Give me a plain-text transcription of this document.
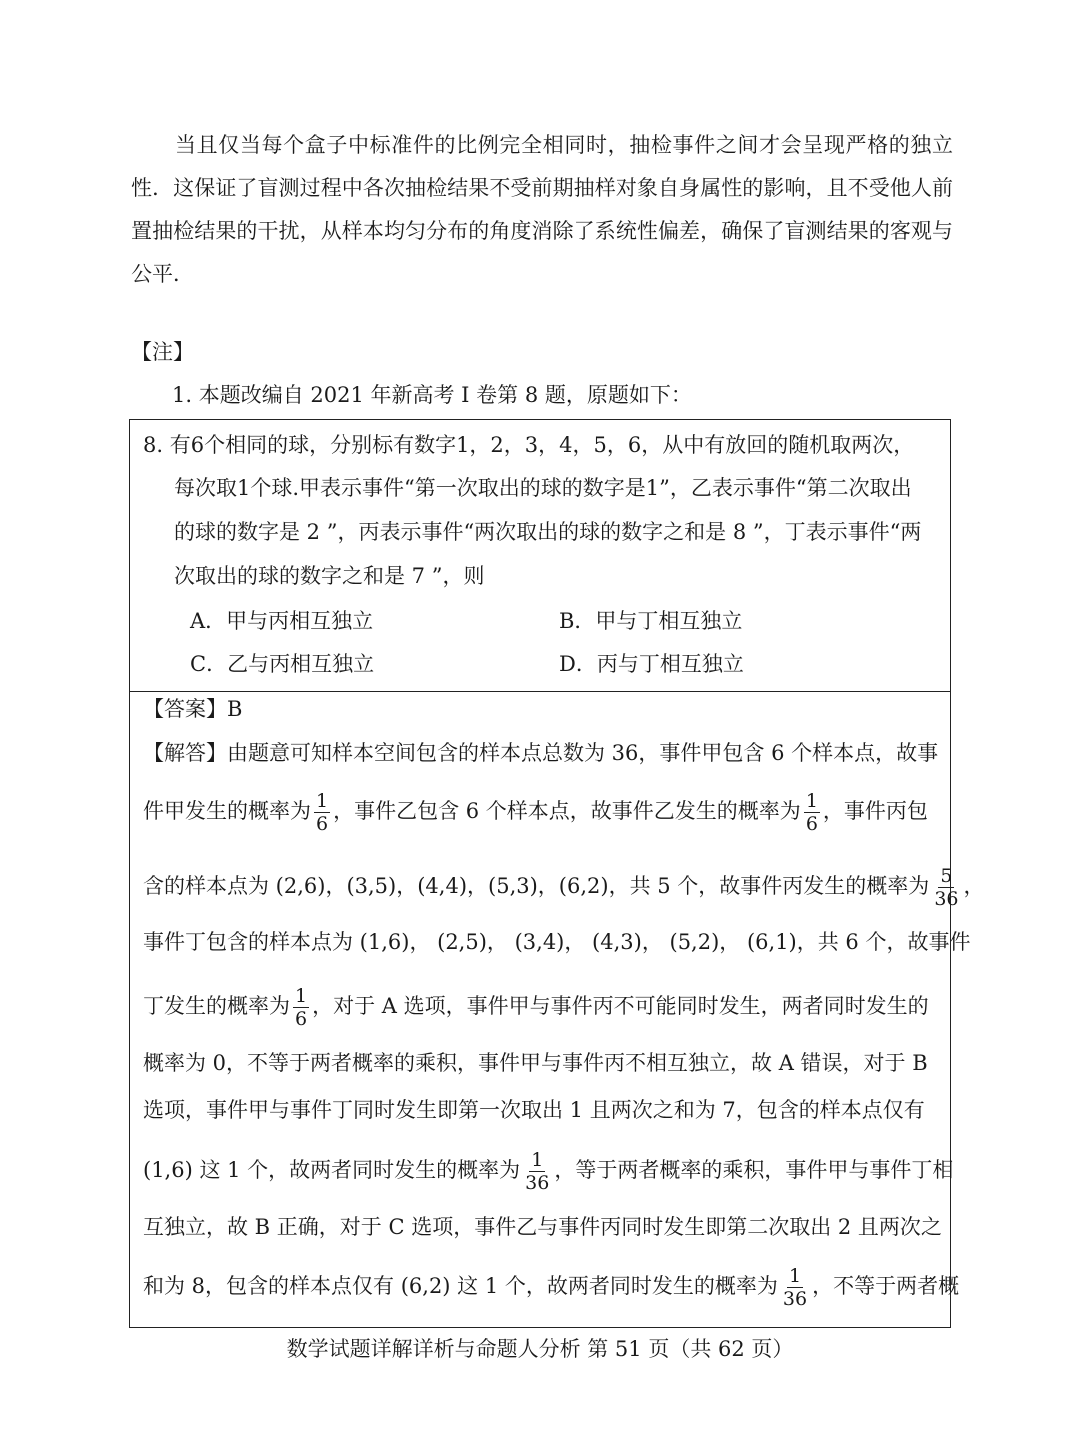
当且仅当每个盒子中标准件的比例完全相同时，抽检事件之间才会呈现严格的独立性．这保证了盲测过程中各次抽检结果不受前期抽样对象自身属性的影响，且不受他人前置抽检结果的干扰，从样本均匀分布的角度消除了系统性偏差，确保了盲测结果的客观与公平．
【注】
1. 本题改编自 2021 年新高考 I 卷第 8 题，原题如下：
8. 有6个相同的球，分别标有数字1，2，3，4，5，6，从中有放回的随机取两次，
每次取1个球.甲表示事件“第一次取出的球的数字是1”，乙表示事件“第二次取出
的球的数字是 2 ”，丙表示事件“两次取出的球的数字之和是 8 ”，丁表示事件“两
次取出的球的数字之和是 7 ”，则
A．甲与丙相互独立	B．甲与丁相互独立
C．乙与丙相互独立	D．丙与丁相互独立
【答案】B
【解答】由题意可知样本空间包含的样本点总数为 36，事件甲包含 6 个样本点，故事
件甲发生的概率为 $\frac{1}{6}$ ，事件乙包含 6 个样本点，故事件乙发生的概率为 $\frac{1}{6}$ ，事件丙包
含的样本点为 (2,6)，(3,5)，(4,4)，(5,3)，(6,2)，共 5 个，故事件丙发生的概率为 $\frac{5}{36}$ ，
事件丁包含的样本点为 (1,6)， (2,5)， (3,4)， (4,3)， (5,2)， (6,1)，共 6 个，故事件
丁发生的概率为 $\frac{1}{6}$ ，对于 A 选项，事件甲与事件丙不可能同时发生，两者同时发生的
概率为 0，不等于两者概率的乘积，事件甲与事件丙不相互独立，故 A 错误，对于 B
选项，事件甲与事件丁同时发生即第一次取出 1 且两次之和为 7，包含的样本点仅有
(1,6) 这 1 个，故两者同时发生的概率为 $\frac{1}{36}$ ，等于两者概率的乘积，事件甲与事件丁相
互独立，故 B 正确，对于 C 选项，事件乙与事件丙同时发生即第二次取出 2 且两次之
和为 8，包含的样本点仅有 (6,2) 这 1 个，故两者同时发生的概率为 $\frac{1}{36}$ ，不等于两者概
数学试题详解详析与命题人分析 第 51 页（共 62 页）
